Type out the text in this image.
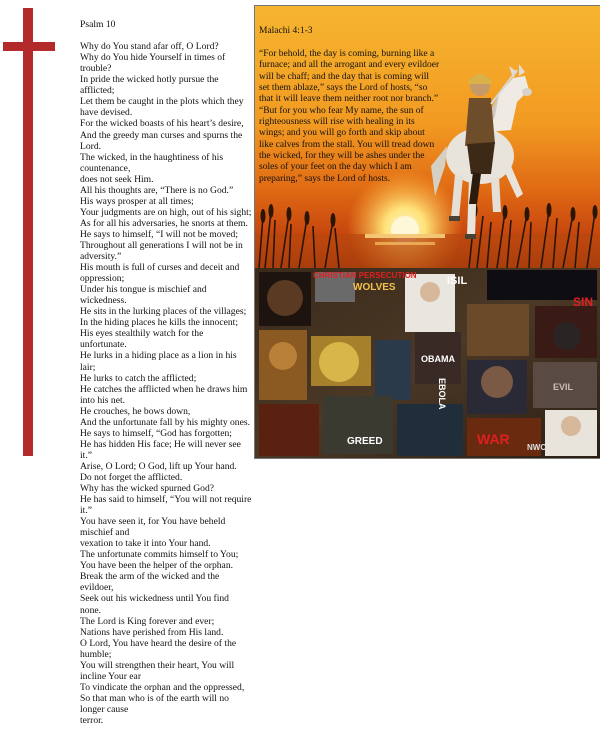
Psalm 10

Why do You stand afar off, O Lord?
Why do You hide Yourself in times of trouble?
In pride the wicked hotly pursue the afflicted;
Let them be caught in the plots which they have devised.
For the wicked boasts of his heart’s desire,
And the greedy man curses and spurns the Lord.
The wicked, in the haughtiness of his countenance,
does not seek Him.
All his thoughts are, “There is no God.”
His ways prosper at all times;
Your judgments are on high, out of his sight;
As for all his adversaries, he snorts at them.
He says to himself, “I will not be moved;
Throughout all generations I will not be in adversity.”
His mouth is full of curses and deceit and oppression;
Under his tongue is mischief and wickedness.
He sits in the lurking places of the villages;
In the hiding places he kills the innocent;
His eyes stealthily watch for the unfortunate.
He lurks in a hiding place as a lion in his lair;
He lurks to catch the afflicted;
He catches the afflicted when he draws him into his net.
He crouches, he bows down,
And the unfortunate fall by his mighty ones.
He says to himself, “God has forgotten;
He has hidden His face; He will never see it.”
Arise, O Lord; O God, lift up Your hand.
Do not forget the afflicted.
Why has the wicked spurned God?
He has said to himself, “You will not require it.”
You have seen it, for You have beheld mischief and
vexation to take it into Your hand.
The unfortunate commits himself to You;
You have been the helper of the orphan.
Break the arm of the wicked and the evildoer,
Seek out his wickedness until You find none.
The Lord is King forever and ever;
Nations have perished from His land.
O Lord, You have heard the desire of the humble;
You will strengthen their heart, You will incline Your ear
To vindicate the orphan and the oppressed,
So that man who is of the earth will no longer cause
terror.

CHRISTIAN PERSECUTION
WOLVES
ISIL
SIN
OBAMA
EBOLA	EVIL
WAR
GREED
NWO

Malachi 4:1-3

“For behold, the day is coming, burning like a
furnace; and all the arrogant and every evildoer
will be chaff; and the day that is coming will
set them ablaze,” says the Lord of hosts, “so
that it will leave them neither root nor branch.”
“But for you who fear My name, the sun of
righteousness will rise with healing in its
wings; and you will go forth and skip about
like calves from the stall. You will tread down
the wicked, for they will be ashes under the
soles of your feet on the day which I am
preparing,” says the Lord of hosts.
